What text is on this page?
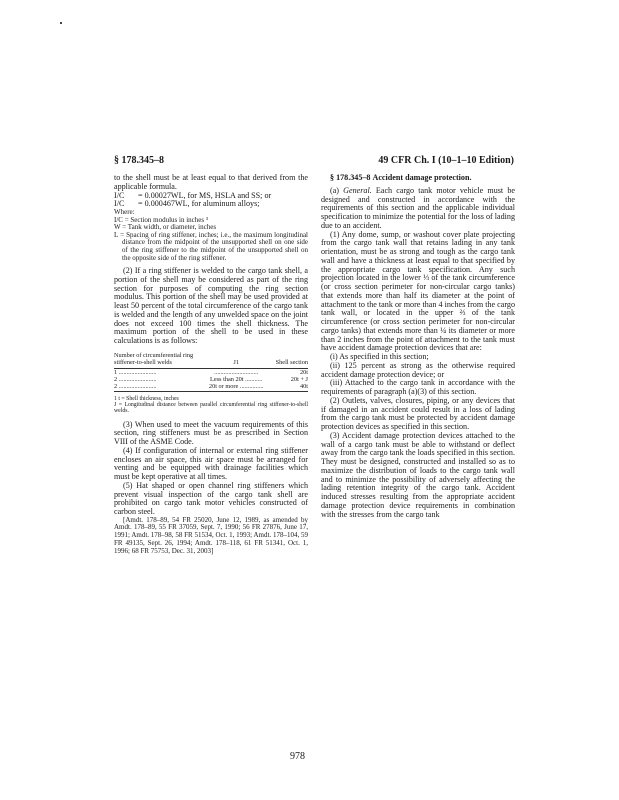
§ 178.345–8	49 CFR Ch. I (10–1–10 Edition)

to the shell must be at least equal to that derived from the applicable formula.

I/C = 0.00027WL, for MS, HSLA and SS; or

I/C = 0.000467WL, for aluminum alloys;

Where:

I/C = Section modulus in inches ³

W = Tank width, or diameter, inches

L = Spacing of ring stiffener, inches; i.e., the maximum longitudinal distance from the midpoint of the unsupported shell on one side of the ring stiffener to the midpoint of the unsupported shell on the opposite side of the ring stiffener.

(2) If a ring stiffener is welded to the cargo tank shell, a portion of the shell may be considered as part of the ring section for purposes of computing the ring section modulus. This portion of the shell may be used provided at least 50 percent of the total circumference of the cargo tank is welded and the length of any unwelded space on the joint does not exceed 100 times the shell thickness. The maximum portion of the shell to be used in these calculations is as follows:

Number of circumferential ring stiffener-to-shell welds	J1	Shell section
1 ........................	............................	20t
2 ........................	Less than 20t ...........	20t + J
2 ........................	20t or more ...............	40t
1 t = Shell thickness, inches
J = Longitudinal distance between parallel circumferential ring stiffener-to-shell welds.

(3) When used to meet the vacuum requirements of this section, ring stiffeners must be as prescribed in Section VIII of the ASME Code.

(4) If configuration of internal or external ring stiffener encloses an air space, this air space must be arranged for venting and be equipped with drainage facilities which must be kept operative at all times.

(5) Hat shaped or open channel ring stiffeners which prevent visual inspection of the cargo tank shell are prohibited on cargo tank motor vehicles constructed of carbon steel.

[Amdt. 178–89, 54 FR 25020, June 12, 1989, as amended by Amdt. 178–89, 55 FR 37059, Sept. 7, 1990; 56 FR 27876, June 17, 1991; Amdt. 178–98, 58 FR 51534, Oct. 1, 1993; Amdt. 178–104, 59 FR 49135, Sept. 26, 1994; Amdt. 178–118, 61 FR 51341, Oct. 1, 1996; 68 FR 75753, Dec. 31, 2003]

§ 178.345–8 Accident damage protection.

(a) General. Each cargo tank motor vehicle must be designed and constructed in accordance with the requirements of this section and the applicable individual specification to minimize the potential for the loss of lading due to an accident.

(1) Any dome, sump, or washout cover plate projecting from the cargo tank wall that retains lading in any tank orientation, must be as strong and tough as the cargo tank wall and have a thickness at least equal to that specified by the appropriate cargo tank specification. Any such projection located in the lower ⅓ of the tank circumference (or cross section perimeter for non-circular cargo tanks) that extends more than half its diameter at the point of attachment to the tank or more than 4 inches from the cargo tank wall, or located in the upper ⅔ of the tank circumference (or cross section perimeter for non-circular cargo tanks) that extends more than ¼ its diameter or more than 2 inches from the point of attachment to the tank must have accident damage protection devices that are:

(i) As specified in this section;

(ii) 125 percent as strong as the otherwise required accident damage protection device; or

(iii) Attached to the cargo tank in accordance with the requirements of paragraph (a)(3) of this section.

(2) Outlets, valves, closures, piping, or any devices that if damaged in an accident could result in a loss of lading from the cargo tank must be protected by accident damage protection devices as specified in this section.

(3) Accident damage protection devices attached to the wall of a cargo tank must be able to withstand or deflect away from the cargo tank the loads specified in this section. They must be designed, constructed and installed so as to maximize the distribution of loads to the cargo tank wall and to minimize the possibility of adversely affecting the lading retention integrity of the cargo tank. Accident induced stresses resulting from the appropriate accident damage protection device requirements in combination with the stresses from the cargo tank

978
